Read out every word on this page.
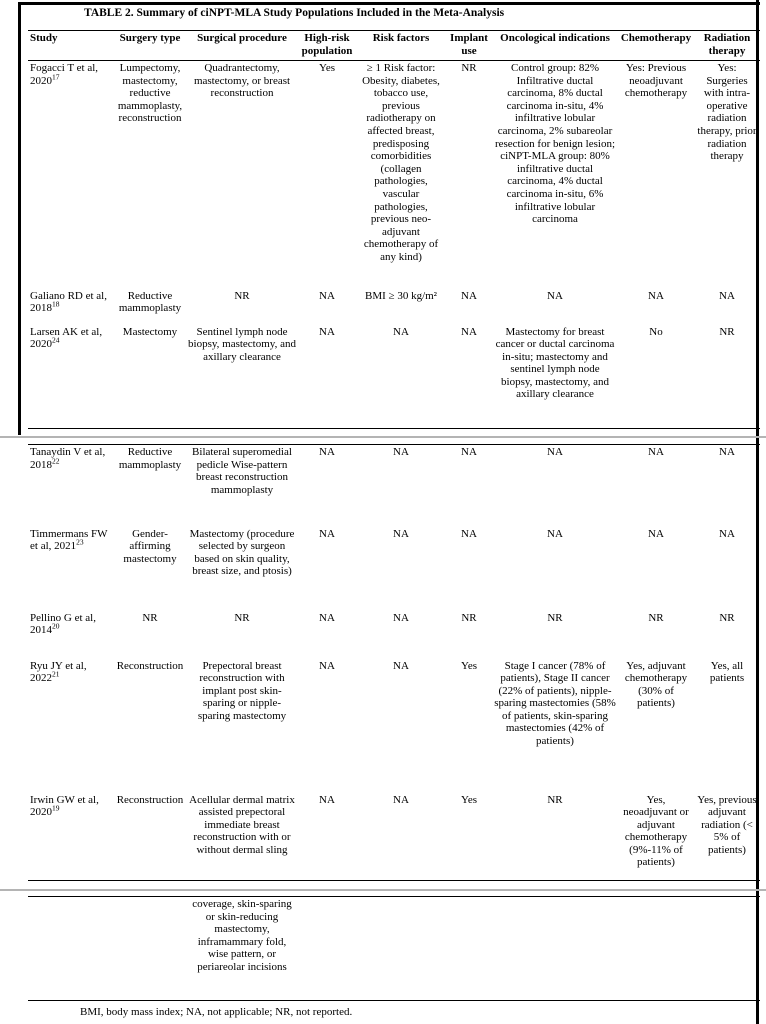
TABLE 2. Summary of ciNPT-MLA Study Populations Included in the Meta-Analysis
Study	Surgery type	Surgical procedure	High-risk population	Risk factors	Implant use	Oncological indications	Chemotherapy	Radiation therapy
Fogacci T et al, 2020$^{17}$	Lumpectomy, mastectomy, reductive mammoplasty, reconstruction	Quadrantectomy, mastectomy, or breast reconstruction	Yes	≥ 1 Risk factor: Obesity, diabetes, tobacco use, previous radiotherapy on affected breast, predisposing comorbidities (collagen pathologies, vascular pathologies, previous neo-adjuvant chemotherapy of any kind)	NR	Control group: 82% Infiltrative ductal carcinoma, 8% ductal carcinoma in-situ, 4% infiltrative lobular carcinoma, 2% subareolar resection for benign lesion; ciNPT-MLA group: 80% infiltrative ductal carcinoma, 4% ductal carcinoma in-situ, 6% infiltrative lobular carcinoma	Yes: Previous neoadjuvant chemotherapy	Yes: Surgeries with intra-operative radiation therapy, prior radiation therapy
Galiano RD et al, 2018$^{18}$	Reductive mammoplasty	NR	NA	BMI ≥ 30 kg/m²	NA	NA	NA	NA
Larsen AK et al, 2020$^{24}$	Mastectomy	Sentinel lymph node biopsy, mastectomy, and axillary clearance	NA	NA	NA	Mastectomy for breast cancer or ductal carcinoma in-situ; mastectomy and sentinel lymph node biopsy, mastectomy, and axillary clearance	No	NR
Tanaydin V et al, 2018$^{22}$	Reductive mammoplasty	Bilateral superomedial pedicle Wise-pattern breast reconstruction mammoplasty	NA	NA	NA	NA	NA	NA
Timmermans FW et al, 2021$^{23}$	Gender-affirming mastectomy	Mastectomy (procedure selected by surgeon based on skin quality, breast size, and ptosis)	NA	NA	NA	NA	NA	NA
Pellino G et al, 2014$^{20}$	NR	NR	NA	NA	NR	NR	NR	NR
Ryu JY et al, 2022$^{21}$	Reconstruction	Prepectoral breast reconstruction with implant post skin-sparing or nipple-sparing mastectomy	NA	NA	Yes	Stage I cancer (78% of patients), Stage II cancer (22% of patients), nipple-sparing mastectomies (58% of patients, skin-sparing mastectomies (42% of patients)	Yes, adjuvant chemotherapy (30% of patients)	Yes, all patients
Irwin GW et al, 2020$^{19}$	Reconstruction	Acellular dermal matrix assisted prepectoral immediate breast reconstruction with or without dermal sling	NA	NA	Yes	NR	Yes, neoadjuvant or adjuvant chemotherapy (9%-11% of patients)	Yes, previous adjuvant radiation (< 5% of patients)
		coverage, skin-sparing or skin-reducing mastectomy, inframammary fold, wise pattern, or periareolar incisions						
BMI, body mass index; NA, not applicable; NR, not reported.
